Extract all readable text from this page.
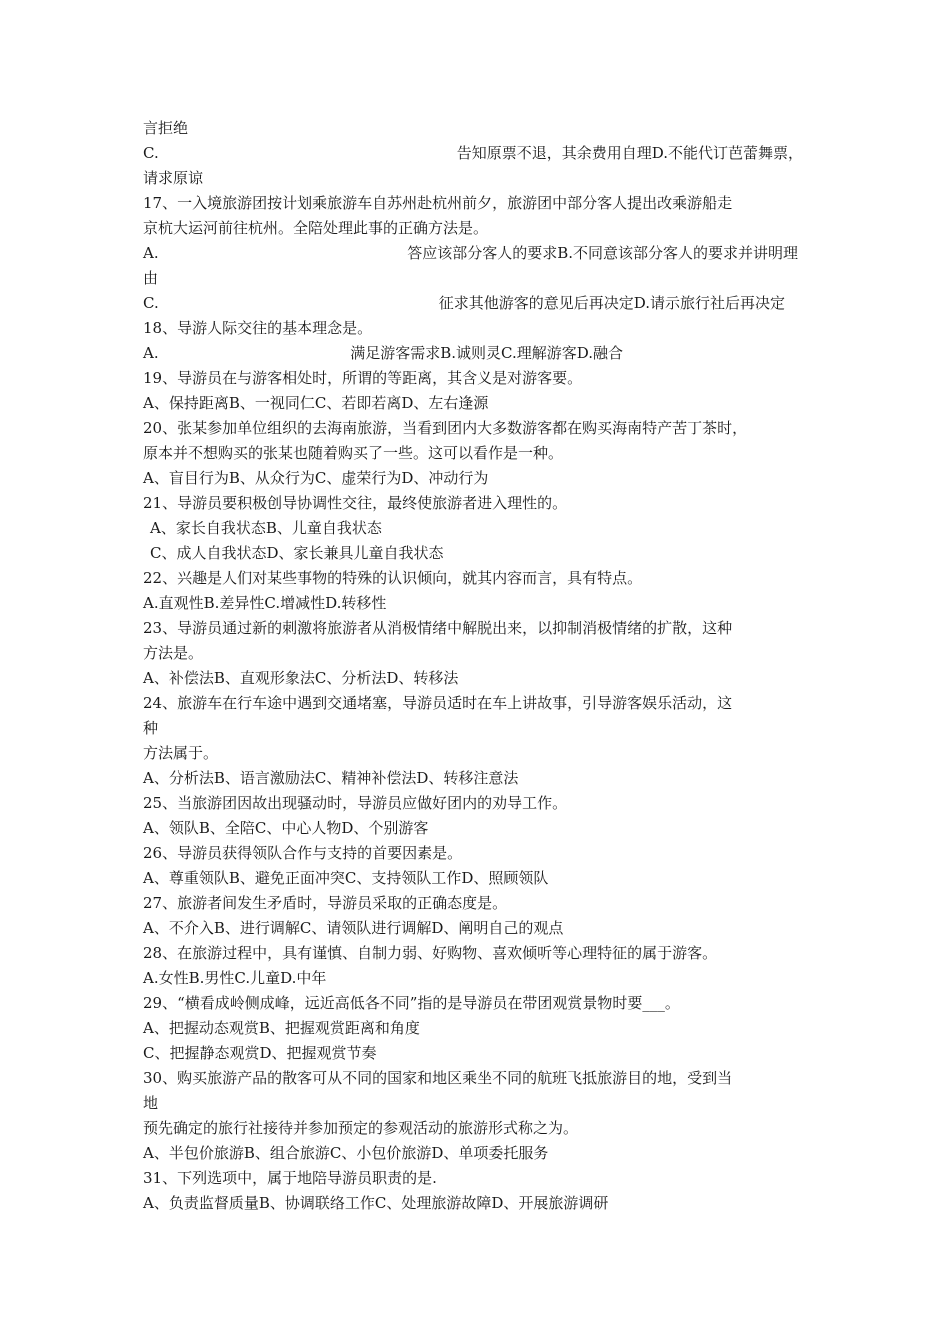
言拒绝
C.	告知原票不退，其余费用自理D.不能代订芭蕾舞票，
请求原谅
17、一入境旅游团按计划乘旅游车自苏州赴杭州前夕，旅游团中部分客人提出改乘游船走
京杭大运河前往杭州。全陪处理此事的正确方法是。
A.	答应该部分客人的要求B.不同意该部分客人的要求并讲明理
由
C.	征求其他游客的意见后再决定D.请示旅行社后再决定
18、导游人际交往的基本理念是。
A.	满足游客需求B.诚则灵C.理解游客D.融合
19、导游员在与游客相处时，所谓的等距离，其含义是对游客要。
A、保持距离B、一视同仁C、若即若离D、左右逢源
20、张某参加单位组织的去海南旅游，当看到团内大多数游客都在购买海南特产苦丁茶时，
原本并不想购买的张某也随着购买了一些。这可以看作是一种。
A、盲目行为B、从众行为C、虚荣行为D、冲动行为
21、导游员要积极创导协调性交往，最终使旅游者进入理性的。
A、家长自我状态B、儿童自我状态
C、成人自我状态D、家长兼具儿童自我状态
22、兴趣是人们对某些事物的特殊的认识倾向，就其内容而言，具有特点。
A.直观性B.差异性C.增减性D.转移性
23、导游员通过新的刺激将旅游者从消极情绪中解脱出来，以抑制消极情绪的扩散，这种
方法是。
A、补偿法B、直观形象法C、分析法D、转移法
24、旅游车在行车途中遇到交通堵塞，导游员适时在车上讲故事，引导游客娱乐活动，这
种
方法属于。
A、分析法B、语言激励法C、精神补偿法D、转移注意法
25、当旅游团因故出现骚动时，导游员应做好团内的劝导工作。
A、领队B、全陪C、中心人物D、个别游客
26、导游员获得领队合作与支持的首要因素是。
A、尊重领队B、避免正面冲突C、支持领队工作D、照顾领队
27、旅游者间发生矛盾时，导游员采取的正确态度是。
A、不介入B、进行调解C、请领队进行调解D、阐明自己的观点
28、在旅游过程中，具有谨慎、自制力弱、好购物、喜欢倾听等心理特征的属于游客。
A.女性B.男性C.儿童D.中年
29、“横看成岭侧成峰，远近高低各不同”指的是导游员在带团观赏景物时要___。
A、把握动态观赏B、把握观赏距离和角度
C、把握静态观赏D、把握观赏节奏
30、购买旅游产品的散客可从不同的国家和地区乘坐不同的航班飞抵旅游目的地，受到当
地
预先确定的旅行社接待并参加预定的参观活动的旅游形式称之为。
A、半包价旅游B、组合旅游C、小包价旅游D、单项委托服务
31、下列选项中，属于地陪导游员职责的是.
A、负责监督质量B、协调联络工作C、处理旅游故障D、开展旅游调研
